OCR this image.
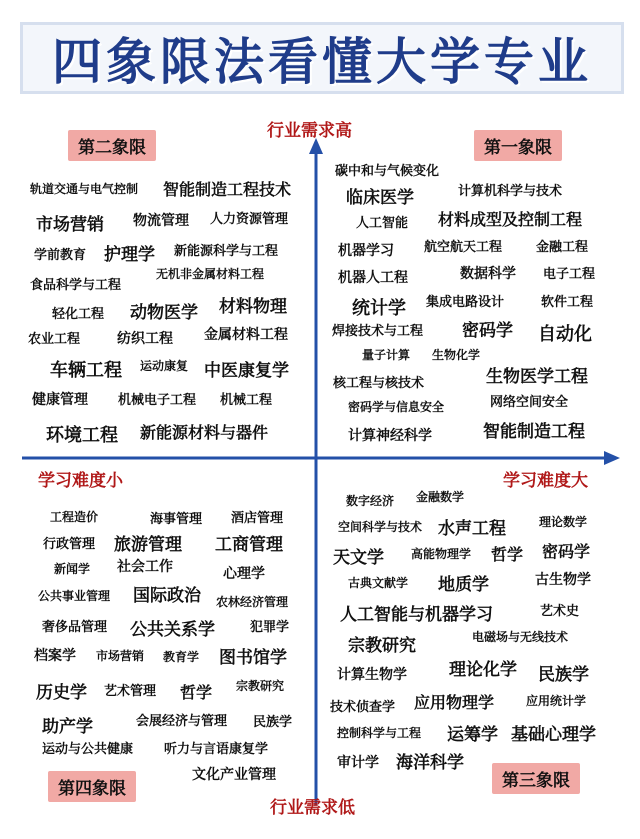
四象限法看懂大学专业
行业需求高
行业需求低
学习难度小	学习难度大
第二象限	第一象限
第四象限	第三象限
轨道交通与电气控制 智能制造工程技术
市场营销 物流管理 人力资源管理
学前教育 护理学 新能源科学与工程
无机非金属材料工程
食品科学与工程
轻化工程 动物医学 材料物理
农业工程	纺织工程 金属材料工程
车辆工程 运动康复 中医康复学
健康管理 机械电子工程 机械工程
环境工程 新能源材料与器件
碳中和与气候变化
临床医学	计算机科学与技术
人工智能 材料成型及控制工程
机器学习 航空航天工程	金融工程
机器人工程	数据科学 电子工程
统计学 集成电路设计	软件工程
焊接技术与工程 密码学 自动化
量子计算 生物化学
核工程与核技术	生物医学工程
密码学与信息安全	网络空间安全
计算神经科学	智能制造工程
工程造价	海事管理 酒店管理
行政管理 旅游管理 工商管理
新闻学 社会工作	心理学
公共事业管理 国际政治 农林经济管理
奢侈品管理 公共关系学	犯罪学
档案学 市场营销 教育学 图书馆学
历史学 艺术管理 哲学 宗教研究
助产学	会展经济与管理 民族学
运动与公共健康 听力与言语康复学
文化产业管理
数字经济 金融数学
空间科学与技术 水声工程	理论数学
天文学 高能物理学 哲学 密码学
古典文献学 地质学	古生物学
人工智能与机器学习	艺术史
宗教研究	电磁场与无线技术
计算生物学 理论化学 民族学
技术侦查学 应用物理学	应用统计学
控制科学与工程 运筹学 基础心理学
审计学 海洋科学
